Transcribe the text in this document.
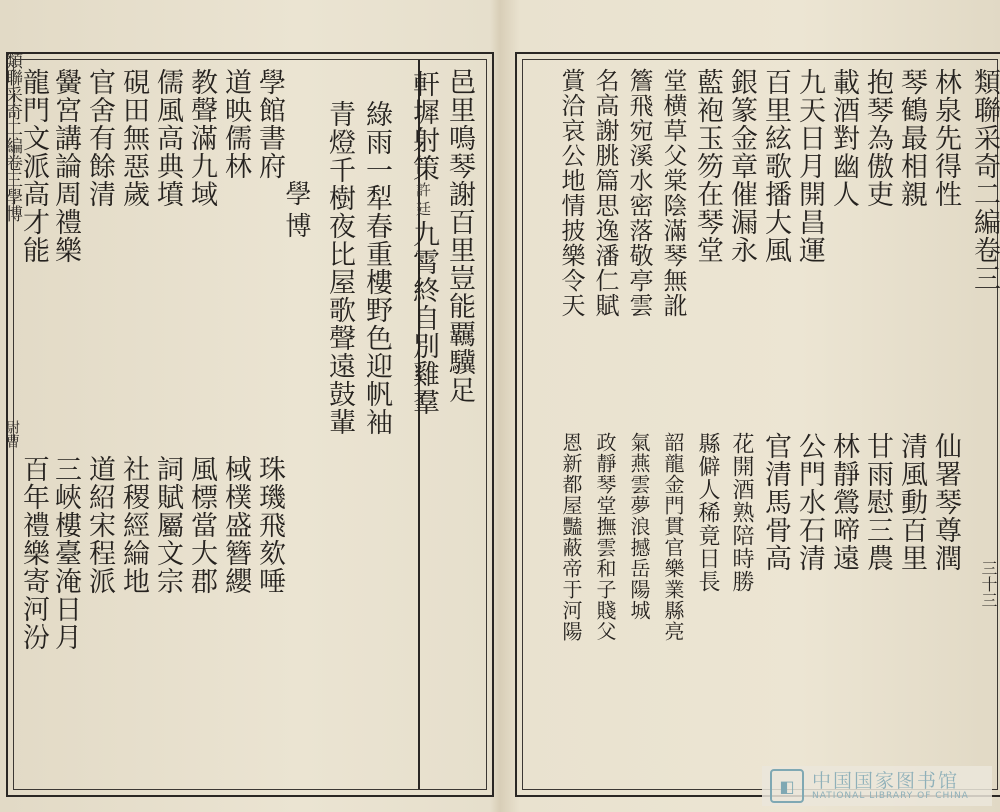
類聯采奇二編卷三學博	邑里鳴琴謝百里豈能覊驥足
軒墀射策許廷九霄終自別雞羣
綠雨一犁春重樓野色迎帆袖
青燈千樹夜比屋歌聲遠鼓輩
學博
學館書府
道映儒林
教聲滿九域
儒風高典墳
硯田無惡歲
官舍有餘清
黌宮講論周禮樂
龍門文派高才能
珠璣飛欬唾
棫樸盛簪纓
風標當大郡
詞賦屬文宗
社稷經綸地
道紹宋程派
三峽樓臺淹日月
百年禮樂寄河汾
尉曹
類聯采奇二編卷三
林泉先得性
琴鶴最相親
抱琴為傲吏
載酒對幽人
九天日月開昌運
百里絃歌播大風
銀篆金章催漏永
藍袍玉笏在琴堂
堂横草父棠陰滿琴無訛
簷飛宛溪水密落敬亭雲
名高謝朓篇思逸潘仁賦
賞洽哀公地情披樂令天
仙署琴尊潤
清風動百里
甘雨慰三農
林靜鶯啼遠
公門水石清
官清馬骨高
花開酒熟陪時勝
縣僻人稀竟日長
韶龍金門貫官樂業縣亮
氣燕雲夢浪撼岳陽城
政靜琴堂撫雲和子賤父
恩新都屋豔蔽帝于河陽	三十三
◧ 中国国家图书馆
NATIONAL LIBRARY OF CHINA
